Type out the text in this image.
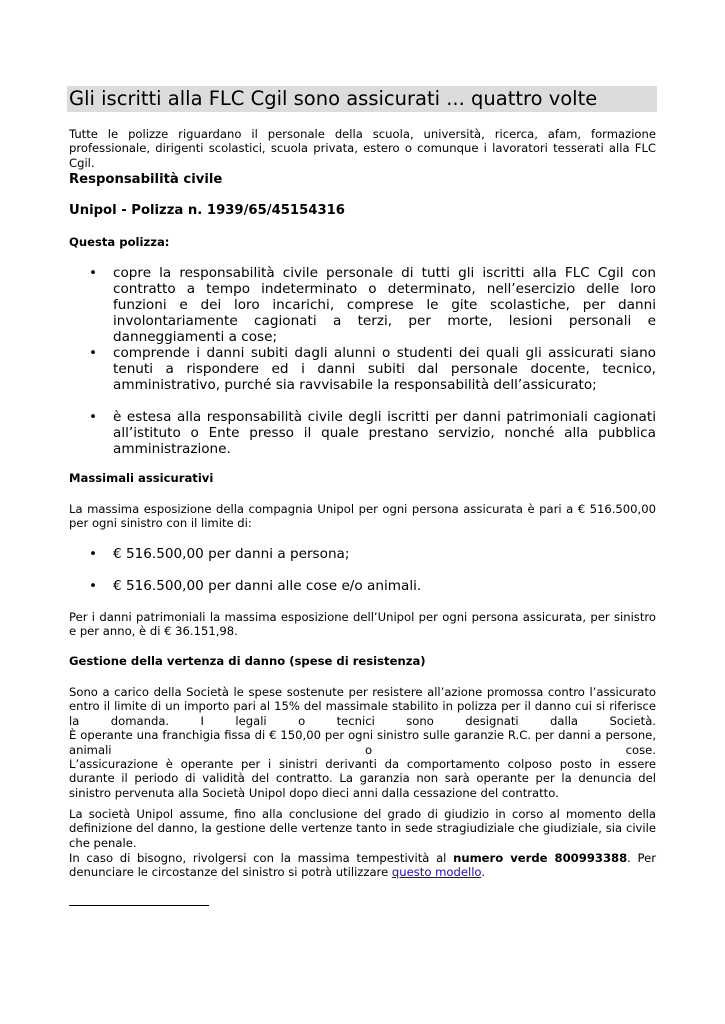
Gli iscritti alla FLC Cgil sono assicurati ... quattro volte

Tutte le polizze riguardano il personale della scuola, università, ricerca, afam, formazione professionale, dirigenti scolastici, scuola privata, estero o comunque i lavoratori tesserati alla FLC Cgil.

Responsabilità civile

Unipol - Polizza n. 1939/65/45154316

Questa polizza:

• copre la responsabilità civile personale di tutti gli iscritti alla FLC Cgil con contratto a tempo indeterminato o determinato, nell’esercizio delle loro funzioni e dei loro incarichi, comprese le gite scolastiche, per danni involontariamente cagionati a terzi, per morte, lesioni personali e danneggiamenti a cose;
• comprende i danni subiti dagli alunni o studenti dei quali gli assicurati siano tenuti a rispondere ed i danni subiti dal personale docente, tecnico, amministrativo, purché sia ravvisabile la responsabilità dell’assicurato;
• è estesa alla responsabilità civile degli iscritti per danni patrimoniali cagionati all’istituto o Ente presso il quale prestano servizio, nonché alla pubblica amministrazione.

Massimali assicurativi

La massima esposizione della compagnia Unipol per ogni persona assicurata è pari a € 516.500,00 per ogni sinistro con il limite di:

• € 516.500,00 per danni a persona;
• € 516.500,00 per danni alle cose e/o animali.

Per i danni patrimoniali la massima esposizione dell’Unipol per ogni persona assicurata, per sinistro e per anno, è di € 36.151,98.

Gestione della vertenza di danno (spese di resistenza)

Sono a carico della Società le spese sostenute per resistere all’azione promossa contro l’assicurato entro il limite di un importo pari al 15% del massimale stabilito in polizza per il danno cui si riferisce la domanda. I legali o tecnici sono designati dalla Società.

È operante una franchigia fissa di € 150,00 per ogni sinistro sulle garanzie R.C. per danni a persone, animali o cose.

L’assicurazione è operante per i sinistri derivanti da comportamento colposo posto in essere durante il periodo di validità del contratto. La garanzia non sarà operante per la denuncia del sinistro pervenuta alla Società Unipol dopo dieci anni dalla cessazione del contratto.

La società Unipol assume, fino alla conclusione del grado di giudizio in corso al momento della definizione del danno, la gestione delle vertenze tanto in sede stragiudiziale che giudiziale, sia civile che penale.

In caso di bisogno, rivolgersi con la massima tempestività al numero verde 800993388. Per denunciare le circostanze del sinistro si potrà utilizzare questo modello.
